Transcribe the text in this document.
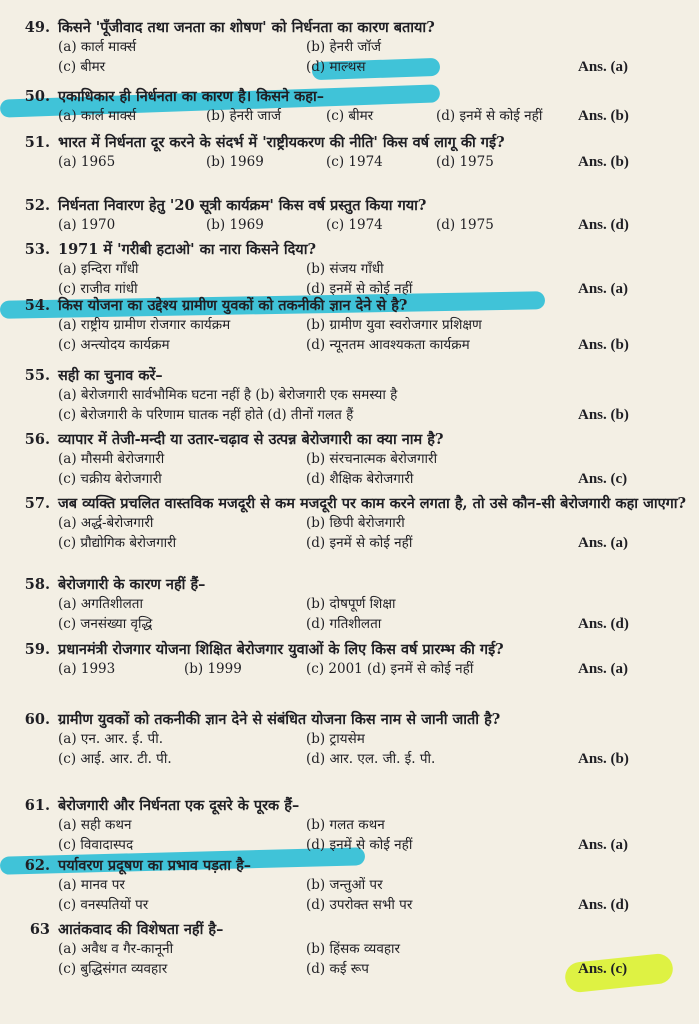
49. किसने 'पूँजीवाद तथा जनता का शोषण' को निर्धनता का कारण बताया?
(a) कार्ल मार्क्स	(b) हेनरी जॉर्ज
(c) बीमर	(d) माल्थस	Ans. (a)
50. एकाधिकार ही निर्धनता का कारण है। किसने कहा–
(a) कार्ल मार्क्स	(b) हेनरी जार्ज	(c) बीमर	(d) इनमें से कोई नहीं Ans. (b)
51. भारत में निर्धनता दूर करने के संदर्भ में 'राष्ट्रीयकरण की नीति' किस वर्ष लागू की गई?
(a) 1965	(b) 1969	(c) 1974	(d) 1975	Ans. (b)
52. निर्धनता निवारण हेतु '20 सूत्री कार्यक्रम' किस वर्ष प्रस्तुत किया गया?
(a) 1970	(b) 1969	(c) 1974	(d) 1975	Ans. (d)
53. 1971 में 'गरीबी हटाओ' का नारा किसने दिया?
(a) इन्दिरा गाँधी	(b) संजय गाँधी
(c) राजीव गांधी	(d) इनमें से कोई नहीं	Ans. (a)
54. किस योजना का उद्देश्य ग्रामीण युवकों को तकनीकी ज्ञान देने से है?
(a) राष्ट्रीय ग्रामीण रोजगार कार्यक्रम	(b) ग्रामीण युवा स्वरोजगार प्रशिक्षण
(c) अन्त्योदय कार्यक्रम	(d) न्यूनतम आवश्यकता कार्यक्रम	Ans. (b)
55. सही का चुनाव करें–
(a) बेरोजगारी सार्वभौमिक घटना नहीं है (b) बेरोजगारी एक समस्या है
(c) बेरोजगारी के परिणाम घातक नहीं होते (d) तीनों गलत हैं	Ans. (b)
56. व्यापार में तेजी-मन्दी या उतार-चढ़ाव से उत्पन्न बेरोजगारी का क्या नाम है?
(a) मौसमी बेरोजगारी	(b) संरचनात्मक बेरोजगारी
(c) चक्रीय बेरोजगारी	(d) शैक्षिक बेरोजगारी	Ans. (c)
57. जब व्यक्ति प्रचलित वास्तविक मजदूरी से कम मजदूरी पर काम करने लगता है, तो उसे कौन-सी बेरोजगारी कहा जाएगा?
(a) अर्द्ध-बेरोजगारी	(b) छिपी बेरोजगारी
(c) प्रौद्योगिक बेरोजगारी	(d) इनमें से कोई नहीं	Ans. (a)
58. बेरोजगारी के कारण नहीं हैं–
(a) अगतिशीलता	(b) दोषपूर्ण शिक्षा
(c) जनसंख्या वृद्धि	(d) गतिशीलता	Ans. (d)
59. प्रधानमंत्री रोजगार योजना शिक्षित बेरोजगार युवाओं के लिए किस वर्ष प्रारम्भ की गई?
(a) 1993	(b) 1999	(c) 2001 (d) इनमें से कोई नहीं	Ans. (a)
60. ग्रामीण युवकों को तकनीकी ज्ञान देने से संबंधित योजना किस नाम से जानी जाती है?
(a) एन. आर. ई. पी.	(b) ट्रायसेम
(c) आई. आर. टी. पी.	(d) आर. एल. जी. ई. पी.	Ans. (b)
61. बेरोजगारी और निर्धनता एक दूसरे के पूरक हैं–
(a) सही कथन	(b) गलत कथन
(c) विवादास्पद	(d) इनमें से कोई नहीं	Ans. (a)
62. पर्यावरण प्रदूषण का प्रभाव पड़ता है–
(a) मानव पर	(b) जन्तुओं पर
(c) वनस्पतियों पर	(d) उपरोक्त सभी पर	Ans. (d)
63 आतंकवाद की विशेषता नहीं है–
(a) अवैध व गैर-कानूनी	(b) हिंसक व्यवहार
(c) बुद्धिसंगत व्यवहार	(d) कई रूप	Ans. (c)
